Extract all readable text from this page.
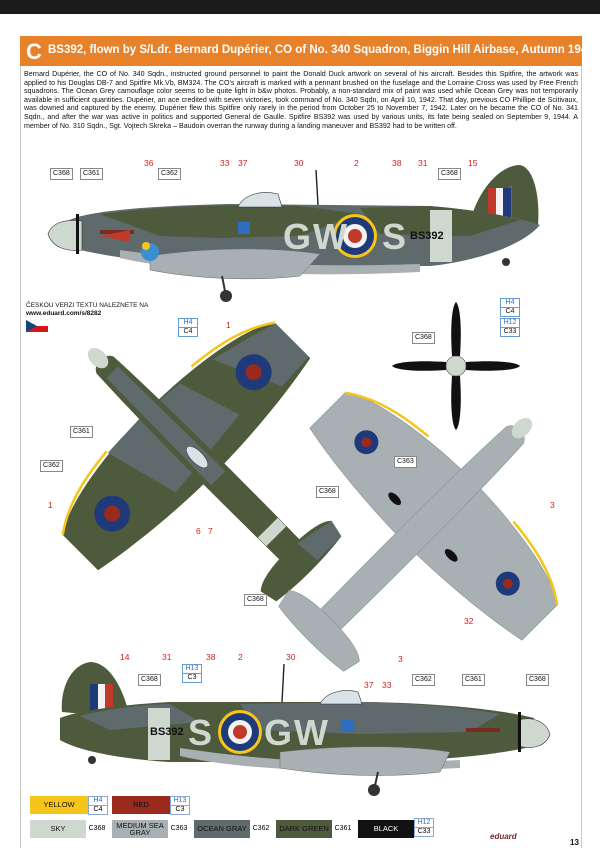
C BS392, flown by S/Ldr. Bernard Dupérier, CO of No. 340 Squadron, Biggin Hill Airbase, Autumn 1942
Bernard Dupérier, the CO of No. 340 Sqdn., instructed ground personnel to paint the Donald Duck artwork on several of his aircraft. Besides this Spitfire, the artwork was applied to his Douglas DB-7 and Spitfire Mk.Vb, BM324. The CO's aircraft is marked with a pennant brushed on the fuselage and the Lorraine Cross was used by Free French squadrons. The Ocean Grey camouflage color seems to be quite light in b&w photos. Probably, a non-standard mix of paint was used while Ocean Grey was not temporarily available in sufficient quantities. Dupérier, an ace credited with seven victories, took command of No. 340 Sqdn, on April 10, 1942. That day, previous CO Phillipe de Scitivaux, was downed and captured by the enemy. Dupérier flew this Spitfire only rarely in the period from October 25 to November 7, 1942. Later on he became the CO of No. 341 Sqdn., and after the war was active in politics and supported General de Gaulle. Spitfire BS392 was used by various units, its fate being sealed on September 9, 1944. A member of No. 310 Sqdn., Sgt. Vojtech Skreka – Baudoin overran the runway during a landing maneuver and BS392 had to be written off.
GW S BS392
C368	C361
36
C362
33 37	30	2	38 31
C368
15
ČESKOU VERZI TEXTU NALEZNETE NA
www.eduard.com/s/8282
H4
C4
1
C361
C362
1
6 7
C368
H4
C4
H12
C33
C368
C363
C368
3
32
3
S GW
BS392
14
C368
31
H13
C3
38	2	30
37 33
C362	C361	C368
YELLOW	H4
C4
RED	H13
C3
SKY	C368	MEDIUM SEA GRAY	C363	OCEAN GRAY C362	DARK GREEN C361	BLACK
H12
C33
eduard
13
